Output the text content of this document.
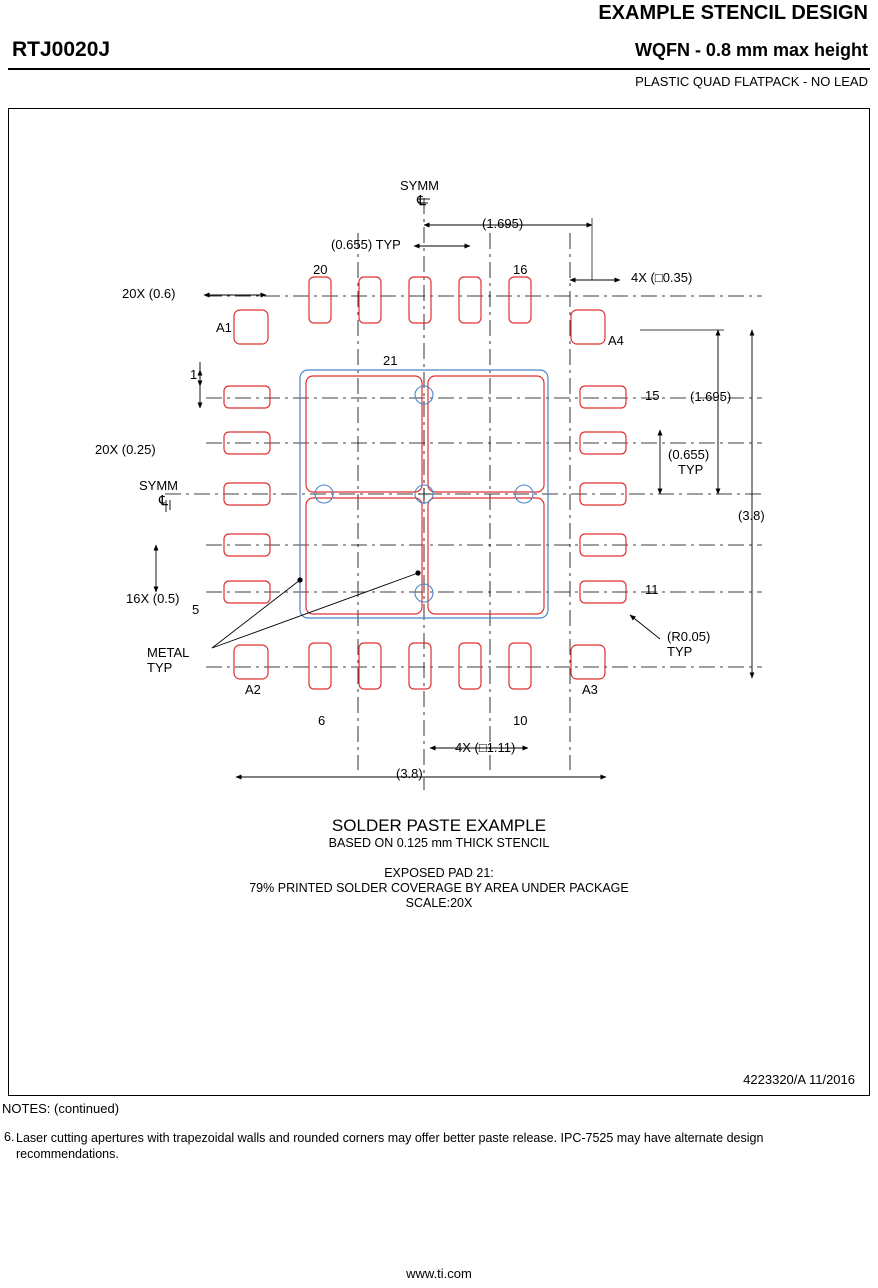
EXAMPLE STENCIL DESIGN
RTJ0020J	WQFN - 0.8 mm max height
PLASTIC QUAD FLATPACK - NO LEAD
4223320/A 11/2016
SYMM
℄
SYMM
℄
(1.695)
(0.655) TYP
20X (0.6)
20X (0.25)
16X (0.5)
4X (□0.35)
4X (□1.11)
(1.695)
(0.655)
TYP
(3.8)
(3.8)
(R0.05)
TYP
METAL
TYP
1
5
6	10
11
15
16
20
21
A1
A2	A3
A4
SOLDER PASTE EXAMPLE
BASED ON 0.125 mm THICK STENCIL
EXPOSED PAD 21:
79% PRINTED SOLDER COVERAGE BY AREA UNDER PACKAGE
SCALE:20X
NOTES: (continued)
6. Laser cutting apertures with trapezoidal walls and rounded corners may offer better paste release. IPC-7525 may have alternate design recommendations.
www.ti.com
